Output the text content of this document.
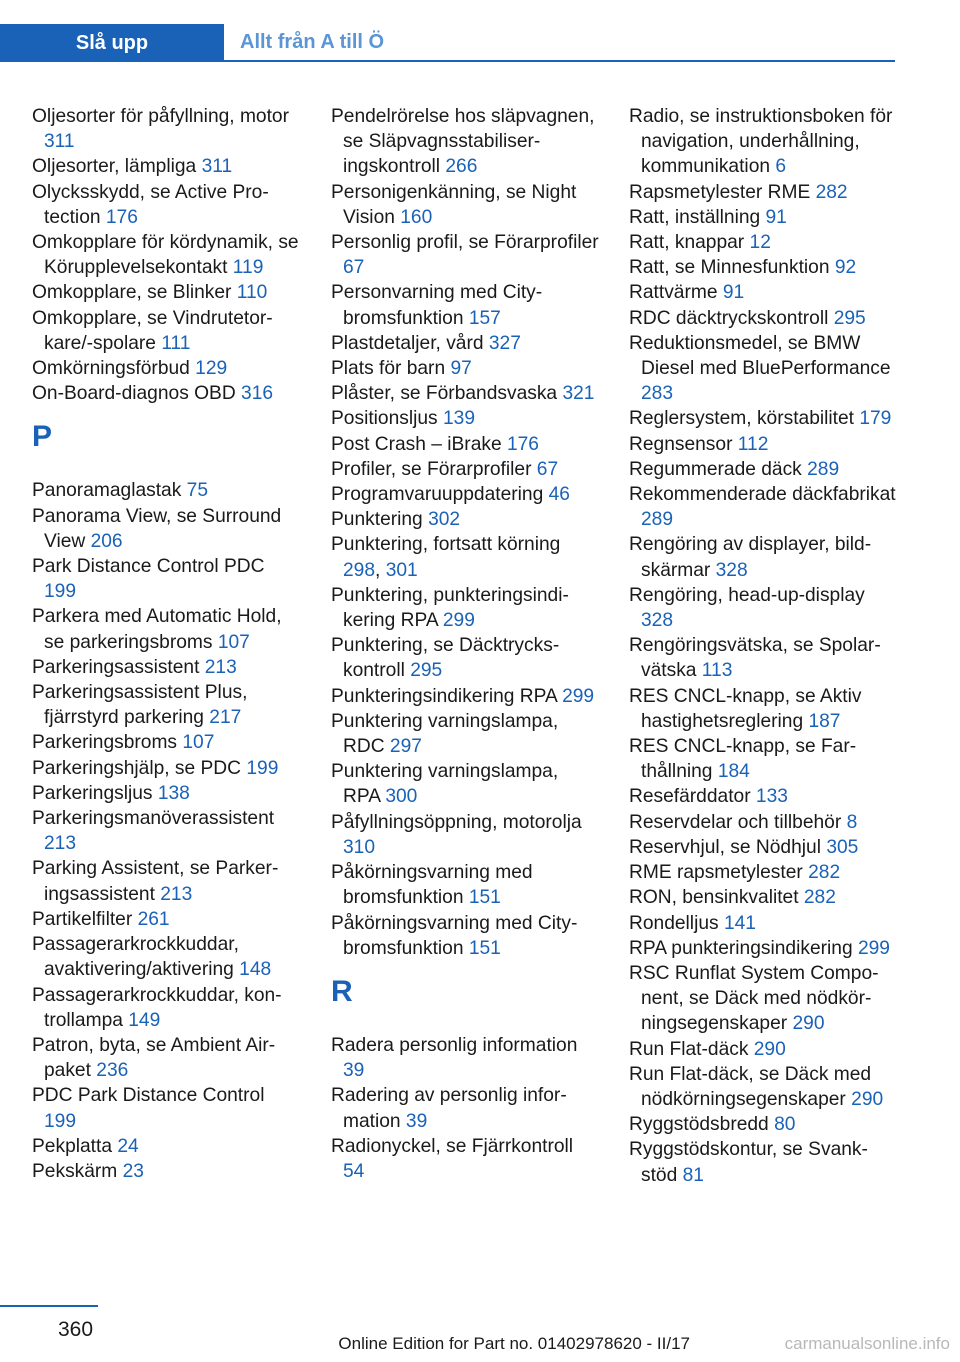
Slå upp	Allt från A till Ö
Oljesorter för påfyllning, motor 311
Oljesorter, lämpliga 311
Olycksskydd, se Active Protection 176
Omkopplare för kördynamik, se Körupplevelsekontakt 119
Omkopplare, se Blinker 110
Omkopplare, se Vindrutetorkare/-spolare 111
Omkörningsförbud 129
On-Board-diagnos OBD 316
P
Panoramaglastak 75
Panorama View, se Surround View 206
Park Distance Control PDC 199
Parkera med Automatic Hold, se parkeringsbroms 107
Parkeringsassistent 213
Parkeringsassistent Plus, fjärrstyrd parkering 217
Parkeringsbroms 107
Parkeringshjälp, se PDC 199
Parkeringsljus 138
Parkeringsmanöverassistent 213
Parking Assistent, se Parkeringsassistent 213
Partikelfilter 261
Passagerarkrockkuddar, avaktivering/aktivering 148
Passagerarkrockkuddar, kontrollampa 149
Patron, byta, se Ambient Air-paket 236
PDC Park Distance Control 199
Pekplatta 24
Pekskärm 23
Pendelrörelse hos släpvagnen, se Släpvagnsstabiliseringskontroll 266
Personigenkänning, se Night Vision 160
Personlig profil, se Förarprofiler 67
Personvarning med City-bromsfunktion 157
Plastdetaljer, vård 327
Plats för barn 97
Plåster, se Förbandsvaska 321
Positionsljus 139
Post Crash – iBrake 176
Profiler, se Förarprofiler 67
Programvaruuppdatering 46
Punktering 302
Punktering, fortsatt körning 298, 301
Punktering, punkteringsindikering RPA 299
Punktering, se Däcktryckskontroll 295
Punkteringsindikering RPA 299
Punktering varningslampa, RDC 297
Punktering varningslampa, RPA 300
Påfyllningsöppning, motorolja 310
Påkörningsvarning med bromsfunktion 151
Påkörningsvarning med City-bromsfunktion 151
R
Radera personlig information 39
Radering av personlig information 39
Radionyckel, se Fjärrkontroll 54
Radio, se instruktionsboken för navigation, underhållning, kommunikation 6
Rapsmetylester RME 282
Ratt, inställning 91
Ratt, knappar 12
Ratt, se Minnesfunktion 92
Rattvärme 91
RDC däcktryckskontroll 295
Reduktionsmedel, se BMW Diesel med BluePerformance 283
Reglersystem, körstabilitet 179
Regnsensor 112
Regummerade däck 289
Rekommenderade däckfabrikat 289
Rengöring av displayer, bildskärmar 328
Rengöring, head-up-display 328
Rengöringsvätska, se Spolarvätska 113
RES CNCL-knapp, se Aktiv hastighetsreglering 187
RES CNCL-knapp, se Farthållning 184
Resefärddator 133
Reservdelar och tillbehör 8
Reservhjul, se Nödhjul 305
RME rapsmetylester 282
RON, bensinkvalitet 282
Rondelljus 141
RPA punkteringsindikering 299
RSC Runflat System Component, se Däck med nödkörningsegenskaper 290
Run Flat-däck 290
Run Flat-däck, se Däck med nödkörningsegenskaper 290
Ryggstödsbredd 80
Ryggstödskontur, se Svankstöd 81
360
Online Edition for Part no. 01402978620 - II/17	carmanualsonline.info
